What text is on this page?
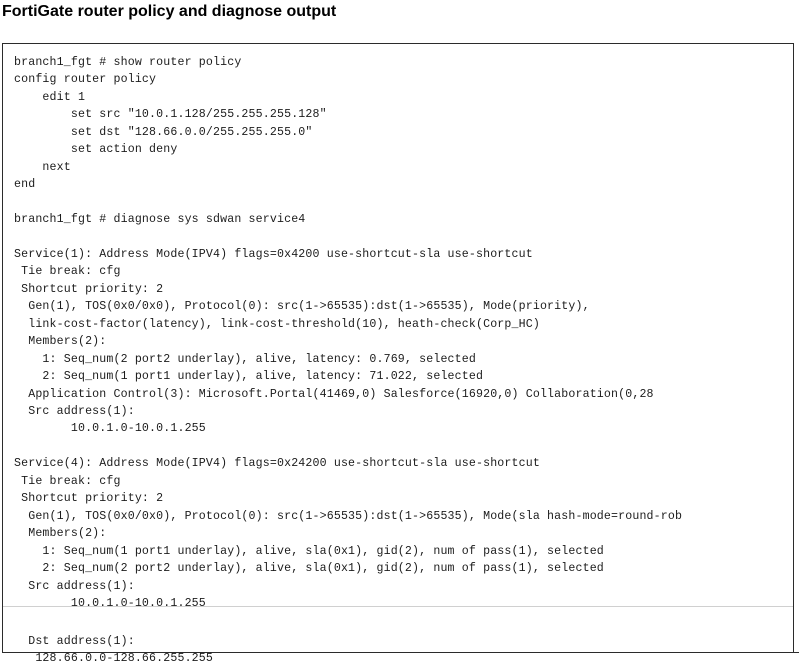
FortiGate router policy and diagnose output
branch1_fgt # show router policy
config router policy
edit 1
set src "10.0.1.128/255.255.255.128"
set dst "128.66.0.0/255.255.255.0"
set action deny
next
end
branch1_fgt # diagnose sys sdwan service4
Service(1): Address Mode(IPV4) flags=0x4200 use-shortcut-sla use-shortcut
Tie break: cfg
Shortcut priority: 2
Gen(1), TOS(0x0/0x0), Protocol(0): src(1->65535):dst(1->65535), Mode(priority),
link-cost-factor(latency), link-cost-threshold(10), heath-check(Corp_HC)
Members(2):
1: Seq_num(2 port2 underlay), alive, latency: 0.769, selected
2: Seq_num(1 port1 underlay), alive, latency: 71.022, selected
Application Control(3): Microsoft.Portal(41469,0) Salesforce(16920,0) Collaboration(0,28
Src address(1):
10.0.1.0-10.0.1.255
Service(4): Address Mode(IPV4) flags=0x24200 use-shortcut-sla use-shortcut
Tie break: cfg
Shortcut priority: 2
Gen(1), TOS(0x0/0x0), Protocol(0): src(1->65535):dst(1->65535), Mode(sla hash-mode=round-rob
Members(2):
1: Seq_num(1 port1 underlay), alive, sla(0x1), gid(2), num of pass(1), selected
2: Seq_num(2 port2 underlay), alive, sla(0x1), gid(2), num of pass(1), selected
Src address(1):
10.0.1.0-10.0.1.255
Dst address(1):
128.66.0.0-128.66.255.255
